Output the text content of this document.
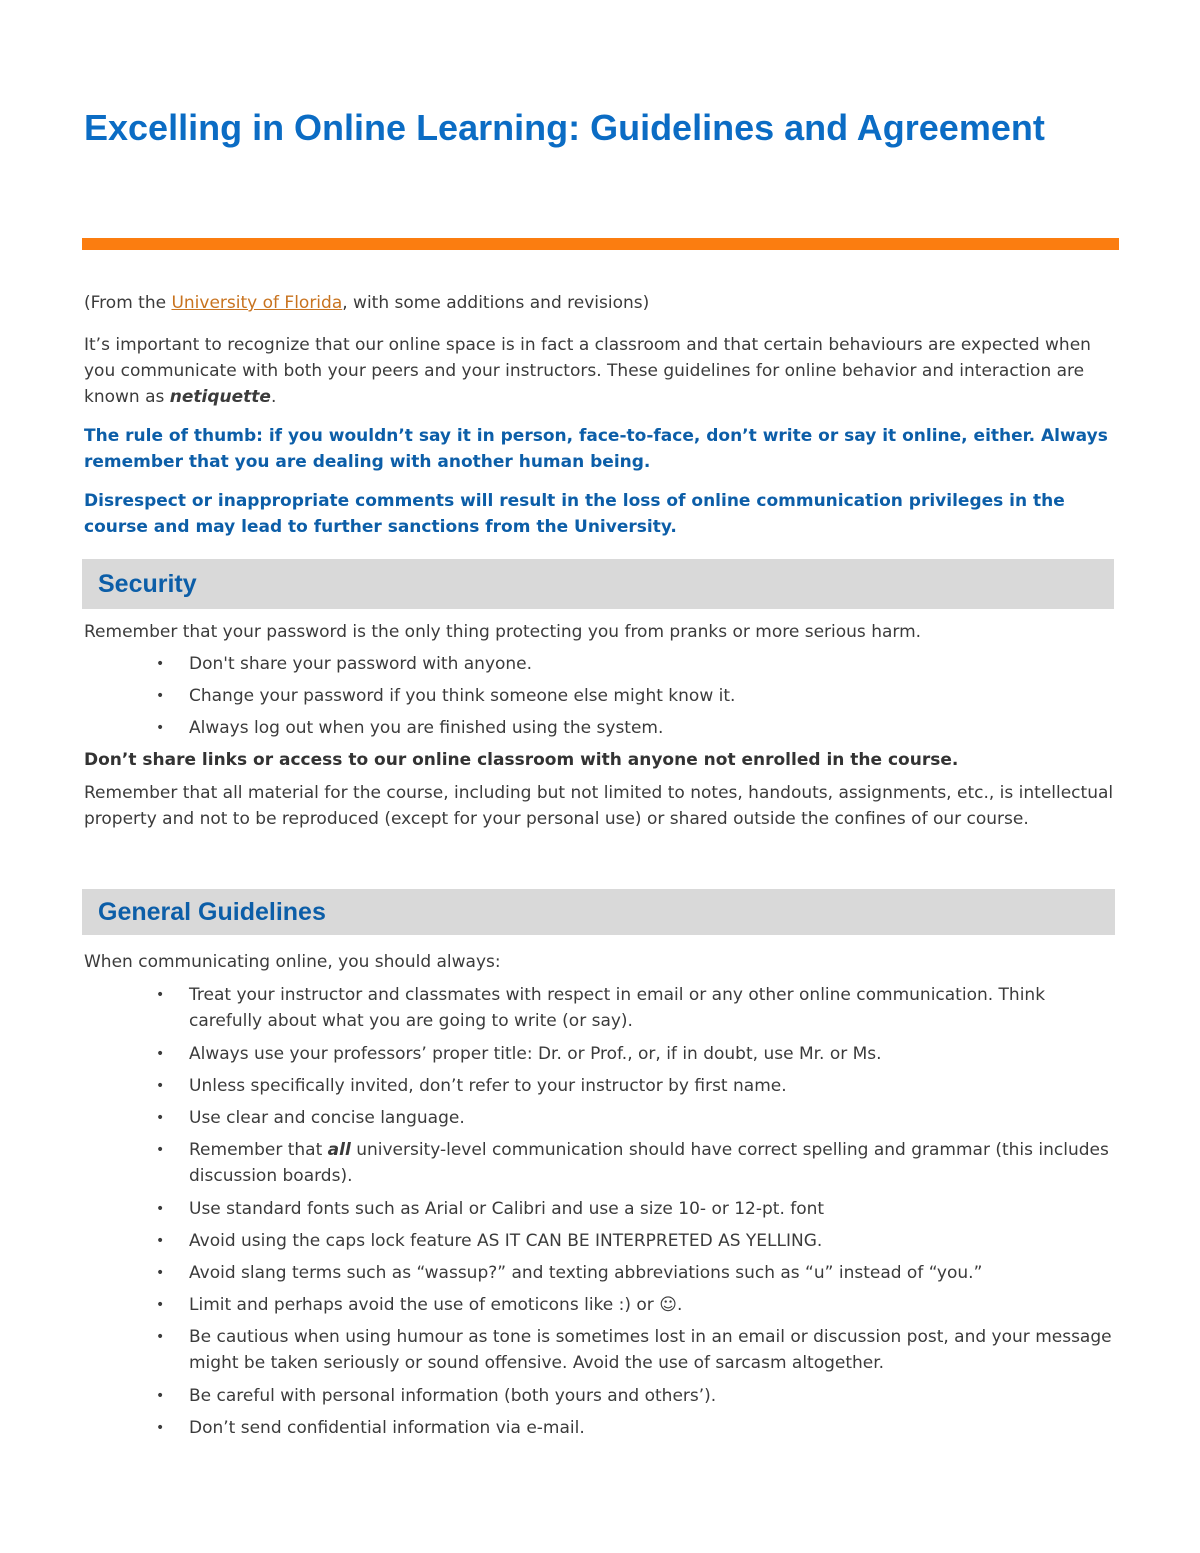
Excelling in Online Learning: Guidelines and Agreement

(From the University of Florida, with some additions and revisions)

It’s important to recognize that our online space is in fact a classroom and that certain behaviours are expected when you communicate with both your peers and your instructors. These guidelines for online behavior and interaction are known as netiquette.

The rule of thumb: if you wouldn’t say it in person, face-to-face, don’t write or say it online, either. Always remember that you are dealing with another human being.

Disrespect or inappropriate comments will result in the loss of online communication privileges in the course and may lead to further sanctions from the University.

Security

Remember that your password is the only thing protecting you from pranks or more serious harm.

• Don't share your password with anyone.
• Change your password if you think someone else might know it.
• Always log out when you are finished using the system.

Don’t share links or access to our online classroom with anyone not enrolled in the course.

Remember that all material for the course, including but not limited to notes, handouts, assignments, etc., is intellectual property and not to be reproduced (except for your personal use) or shared outside the confines of our course.

General Guidelines

When communicating online, you should always:

• Treat your instructor and classmates with respect in email or any other online communication. Think carefully about what you are going to write (or say).
• Always use your professors’ proper title: Dr. or Prof., or, if in doubt, use Mr. or Ms.
• Unless specifically invited, don’t refer to your instructor by first name.
• Use clear and concise language.
• Remember that all university-level communication should have correct spelling and grammar (this includes discussion boards).
• Use standard fonts such as Arial or Calibri and use a size 10- or 12-pt. font
• Avoid using the caps lock feature AS IT CAN BE INTERPRETED AS YELLING.
• Avoid slang terms such as “wassup?” and texting abbreviations such as “u” instead of “you.”
• Limit and perhaps avoid the use of emoticons like :) or ☺.
• Be cautious when using humour as tone is sometimes lost in an email or discussion post, and your message might be taken seriously or sound offensive. Avoid the use of sarcasm altogether.
• Be careful with personal information (both yours and others’).
• Don’t send confidential information via e-mail.
